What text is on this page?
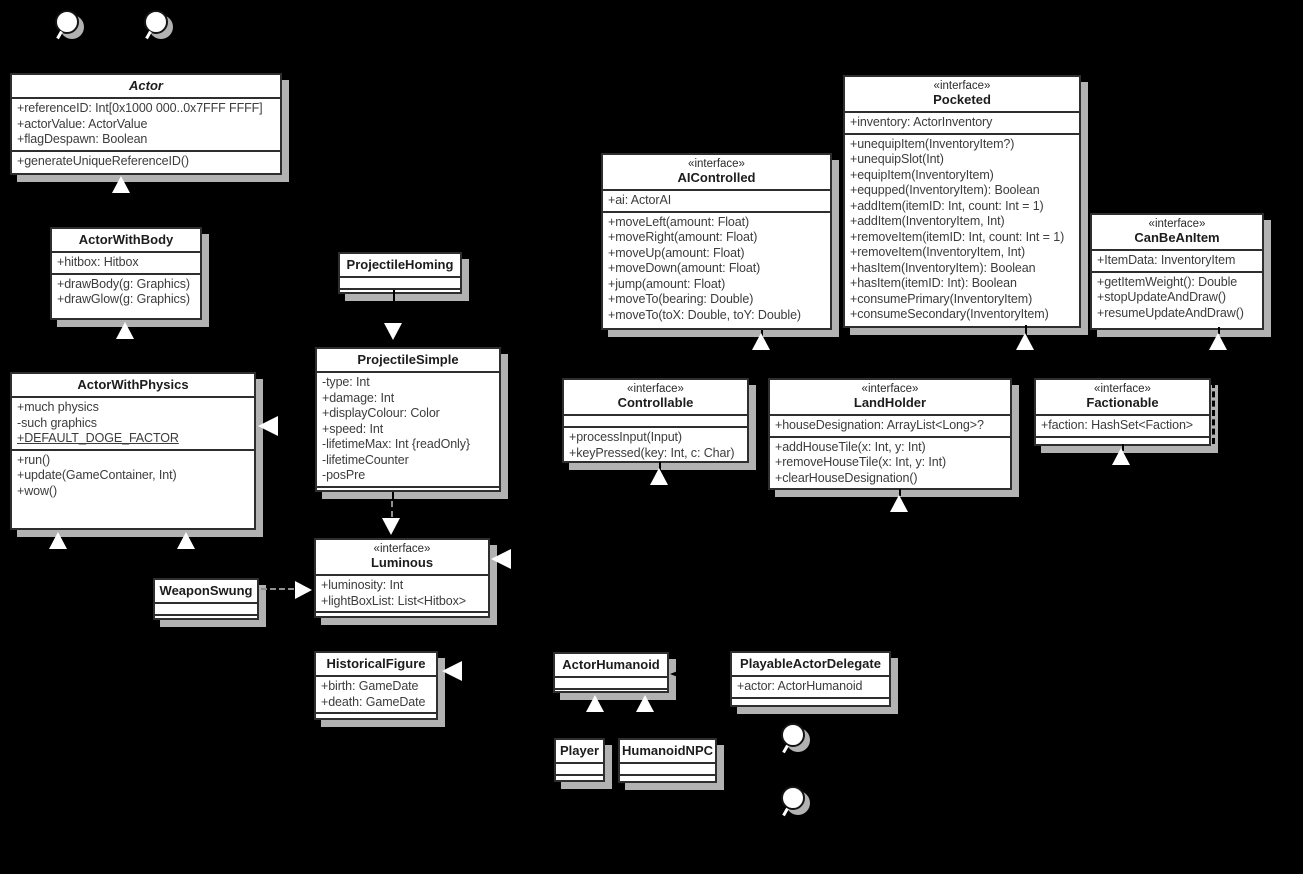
Actor
+referenceID: Int[0x1000 000..0x7FFF FFFF]
+actorValue: ActorValue
+flagDespawn: Boolean
+generateUniqueReferenceID()
ActorWithBody
+hitbox: Hitbox
+drawBody(g: Graphics)
+drawGlow(g: Graphics)
ActorWithPhysics
+much physics
-such graphics
+DEFAULT_DOGE_FACTOR
+run()
+update(GameContainer, Int)
+wow()
ProjectileHoming
ProjectileSimple
-type: Int
+damage: Int
+displayColour: Color
+speed: Int
-lifetimeMax: Int {readOnly}
-lifetimeCounter
-posPre
«interface»
Luminous
+luminosity: Int
+lightBoxList: List<Hitbox>
WeaponSwung
HistoricalFigure
+birth: GameDate
+death: GameDate
«interface»
AIControlled
+ai: ActorAI
+moveLeft(amount: Float)
+moveRight(amount: Float)
+moveUp(amount: Float)
+moveDown(amount: Float)
+jump(amount: Float)
+moveTo(bearing: Double)
+moveTo(toX: Double, toY: Double)
«interface»
Pocketed
+inventory: ActorInventory
+unequipItem(InventoryItem?)
+unequipSlot(Int)
+equipItem(InventoryItem)
+equpped(InventoryItem): Boolean
+addItem(itemID: Int, count: Int = 1)
+addItem(InventoryItem, Int)
+removeItem(itemID: Int, count: Int = 1)
+removeItem(InventoryItem, Int)
+hasItem(InventoryItem): Boolean
+hasItem(itemID: Int): Boolean
+consumePrimary(InventoryItem)
+consumeSecondary(InventoryItem)
«interface»
CanBeAnItem
+ItemData: InventoryItem
+getItemWeight(): Double
+stopUpdateAndDraw()
+resumeUpdateAndDraw()
«interface»
Controllable
+processInput(Input)
+keyPressed(key: Int, c: Char)
«interface»
LandHolder
+houseDesignation: ArrayList<Long>?
+addHouseTile(x: Int, y: Int)
+removeHouseTile(x: Int, y: Int)
+clearHouseDesignation()
«interface»
Factionable
+faction: HashSet<Faction>
ActorHumanoid	PlayableActorDelegate
+actor: ActorHumanoid
Player HumanoidNPC
